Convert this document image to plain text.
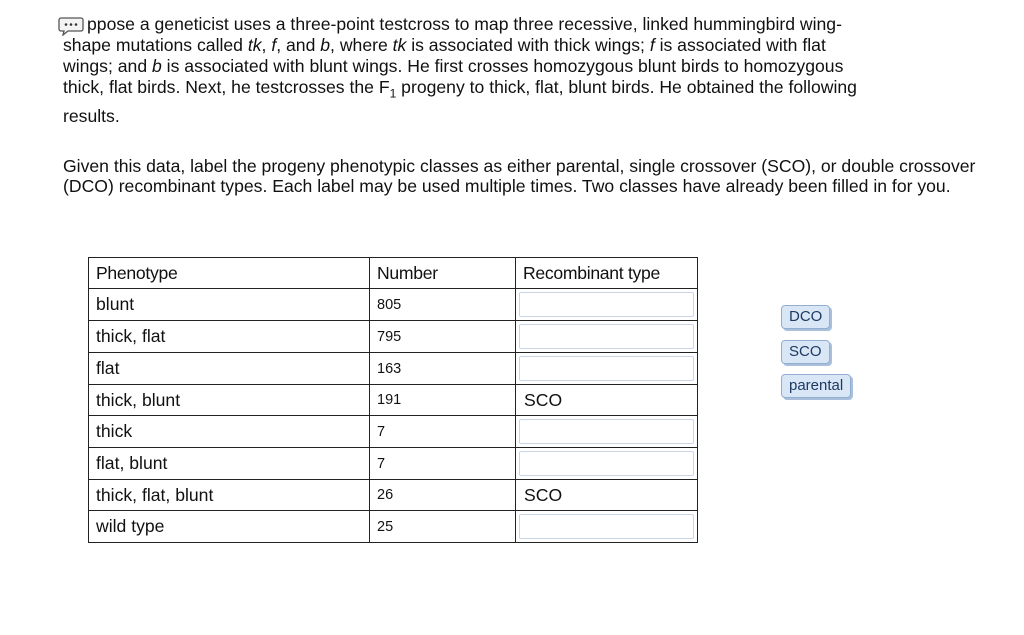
ppose a geneticist uses a three-point testcross to map three recessive, linked hummingbird wing-

shape mutations called tk, f, and b, where tk is associated with thick wings; f is associated with flat

wings; and b is associated with blunt wings. He first crosses homozygous blunt birds to homozygous

thick, flat birds. Next, he testcrosses the $F_1$ progeny to thick, flat, blunt birds. He obtained the following

results.

Given this data, label the progeny phenotypic classes as either parental, single crossover (SCO), or double crossover (DCO) recombinant types. Each label may be used multiple times. Two classes have already been filled in for you.

Phenotype	Number	Recombinant type
blunt	805	

thick, flat	795	

flat	163	

thick, blunt	191	SCO
thick	7	

flat, blunt	7	

thick, flat, blunt	26	SCO
wild type	25	
DCO
SCO
parental
